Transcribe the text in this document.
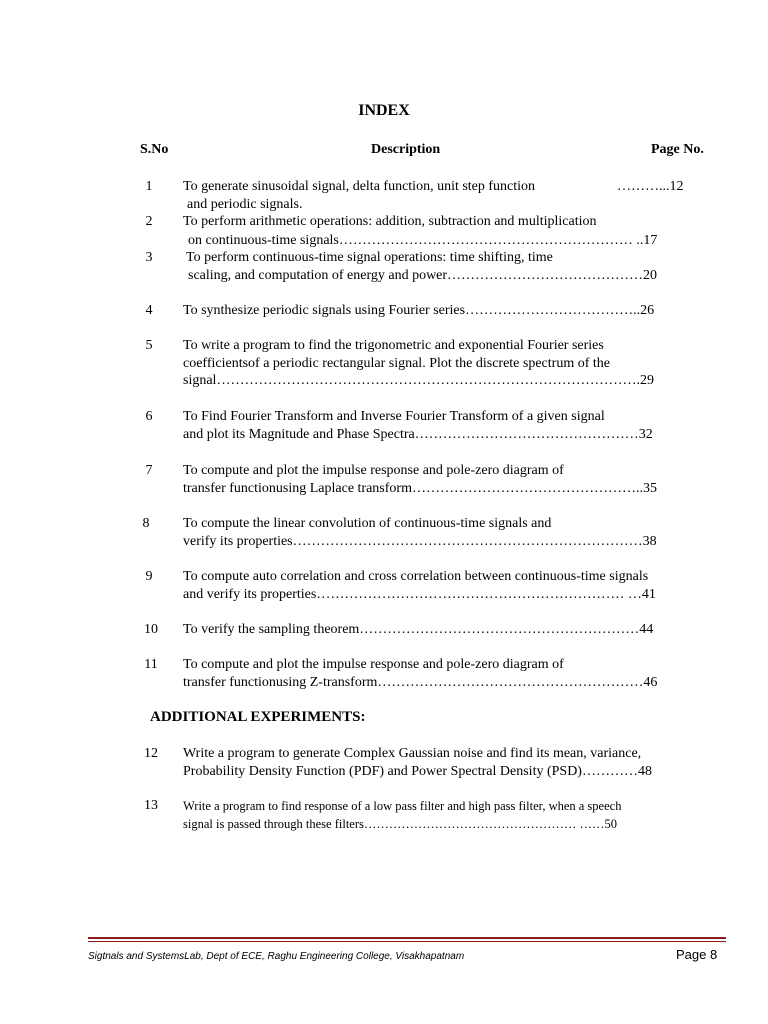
INDEX
S.No	Description	Page No.
1	To generate sinusoidal signal, delta function, unit step function	………...12
and periodic signals.
2	To perform arithmetic operations: addition, subtraction and multiplication
on continuous-time signals……………………………………………………… ..17
3	To perform continuous-time signal operations: time shifting, time
scaling, and computation of energy and power……………………………………20
4	To synthesize periodic signals using Fourier series………………………………..26
5	To write a program to find the trigonometric and exponential Fourier series
coefficientsof a periodic rectangular signal. Plot the discrete spectrum of the
signal……………………………………………………………………………….29
6	To Find Fourier Transform and Inverse Fourier Transform of a given signal
and plot its Magnitude and Phase Spectra…………………………………………32
7	To compute and plot the impulse response and pole-zero diagram of
transfer functionusing Laplace transform…………………………………………..35
8	To compute the linear convolution of continuous-time signals and
verify its properties…………………………………………………………………38
9	To compute auto correlation and cross correlation between continuous-time signals
and verify its properties………………………………………………………… …41
10	To verify the sampling theorem……………………………………………………44
11	To compute and plot the impulse response and pole-zero diagram of
transfer functionusing Z-transform…………………………………………………46
ADDITIONAL EXPERIMENTS:
12	Write a program to generate Complex Gaussian noise and find its mean, variance,
Probability Density Function (PDF) and Power Spectral Density (PSD)…………48
13	Write a program to find response of a low pass filter and high pass filter, when a speech
signal is passed through these filters…………………………………………… ……50
Sigtnals and SystemsLab, Dept of ECE, Raghu Engineering College, Visakhapatnam	Page 8
